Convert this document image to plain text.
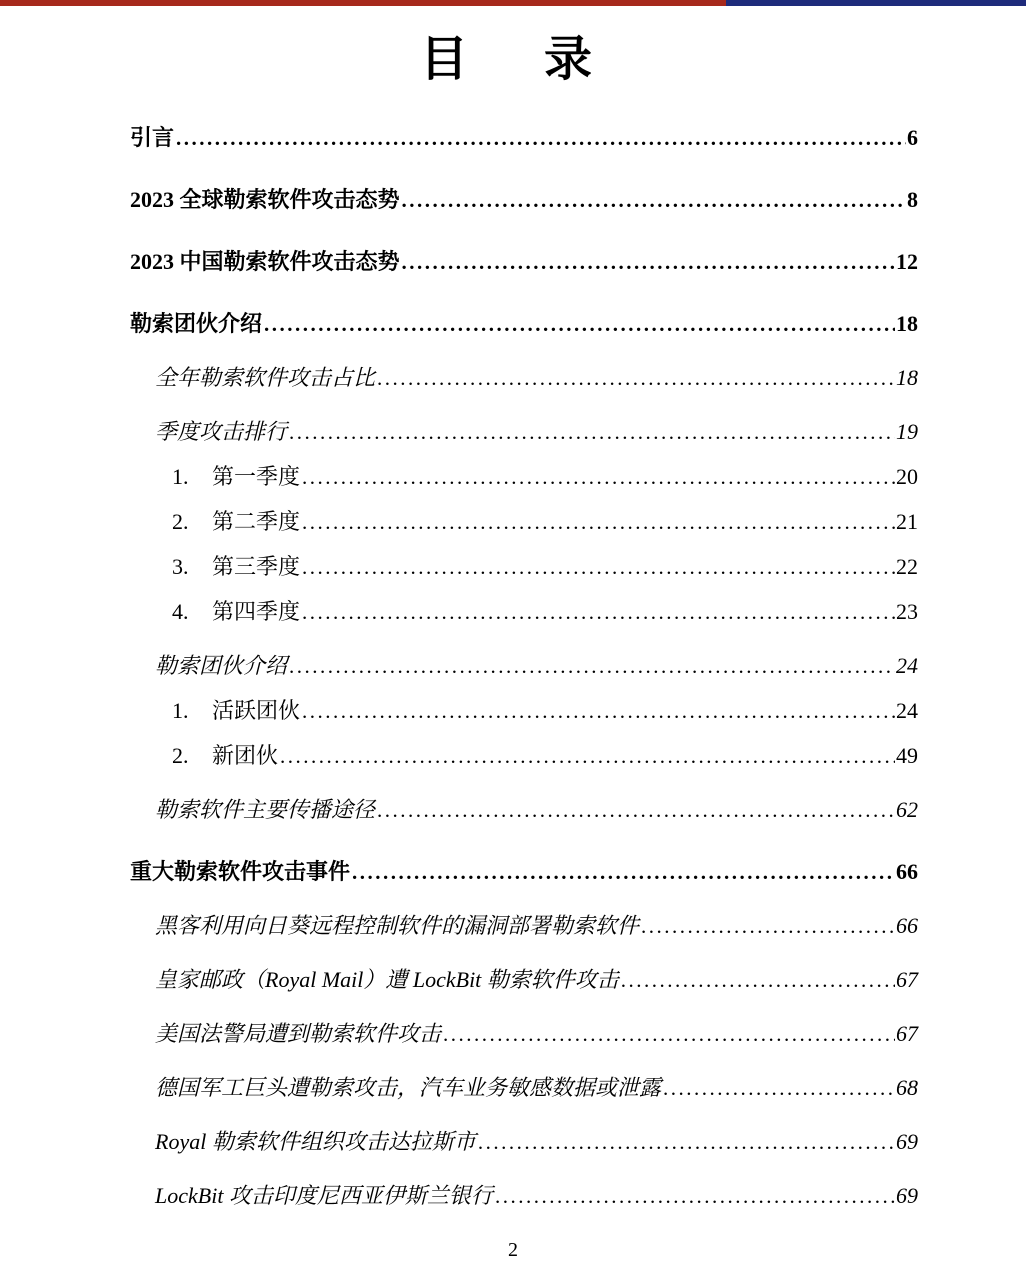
目　录
引言 .....	6
2023 全球勒索软件攻击态势 .....	8
2023 中国勒索软件攻击态势 .....	12
勒索团伙介绍 .....	18
全年勒索软件攻击占比 .....	18
季度攻击排行 .....	19
1.	第一季度 .....	20
2.	第二季度 .....	21
3.	第三季度 .....	22
4.	第四季度 .....	23
勒索团伙介绍 .....	24
1.	活跃团伙 .....	24
2.	新团伙 .....	49
勒索软件主要传播途径 .....	62
重大勒索软件攻击事件 .....	66
黑客利用向日葵远程控制软件的漏洞部署勒索软件 .....	66
皇家邮政（Royal Mail）遭 LockBit 勒索软件攻击 .....	67
美国法警局遭到勒索软件攻击 .....	67
德国军工巨头遭勒索攻击，汽车业务敏感数据或泄露 .....	68
Royal 勒索软件组织攻击达拉斯市 .....	69
LockBit 攻击印度尼西亚伊斯兰银行 .....	69
2
